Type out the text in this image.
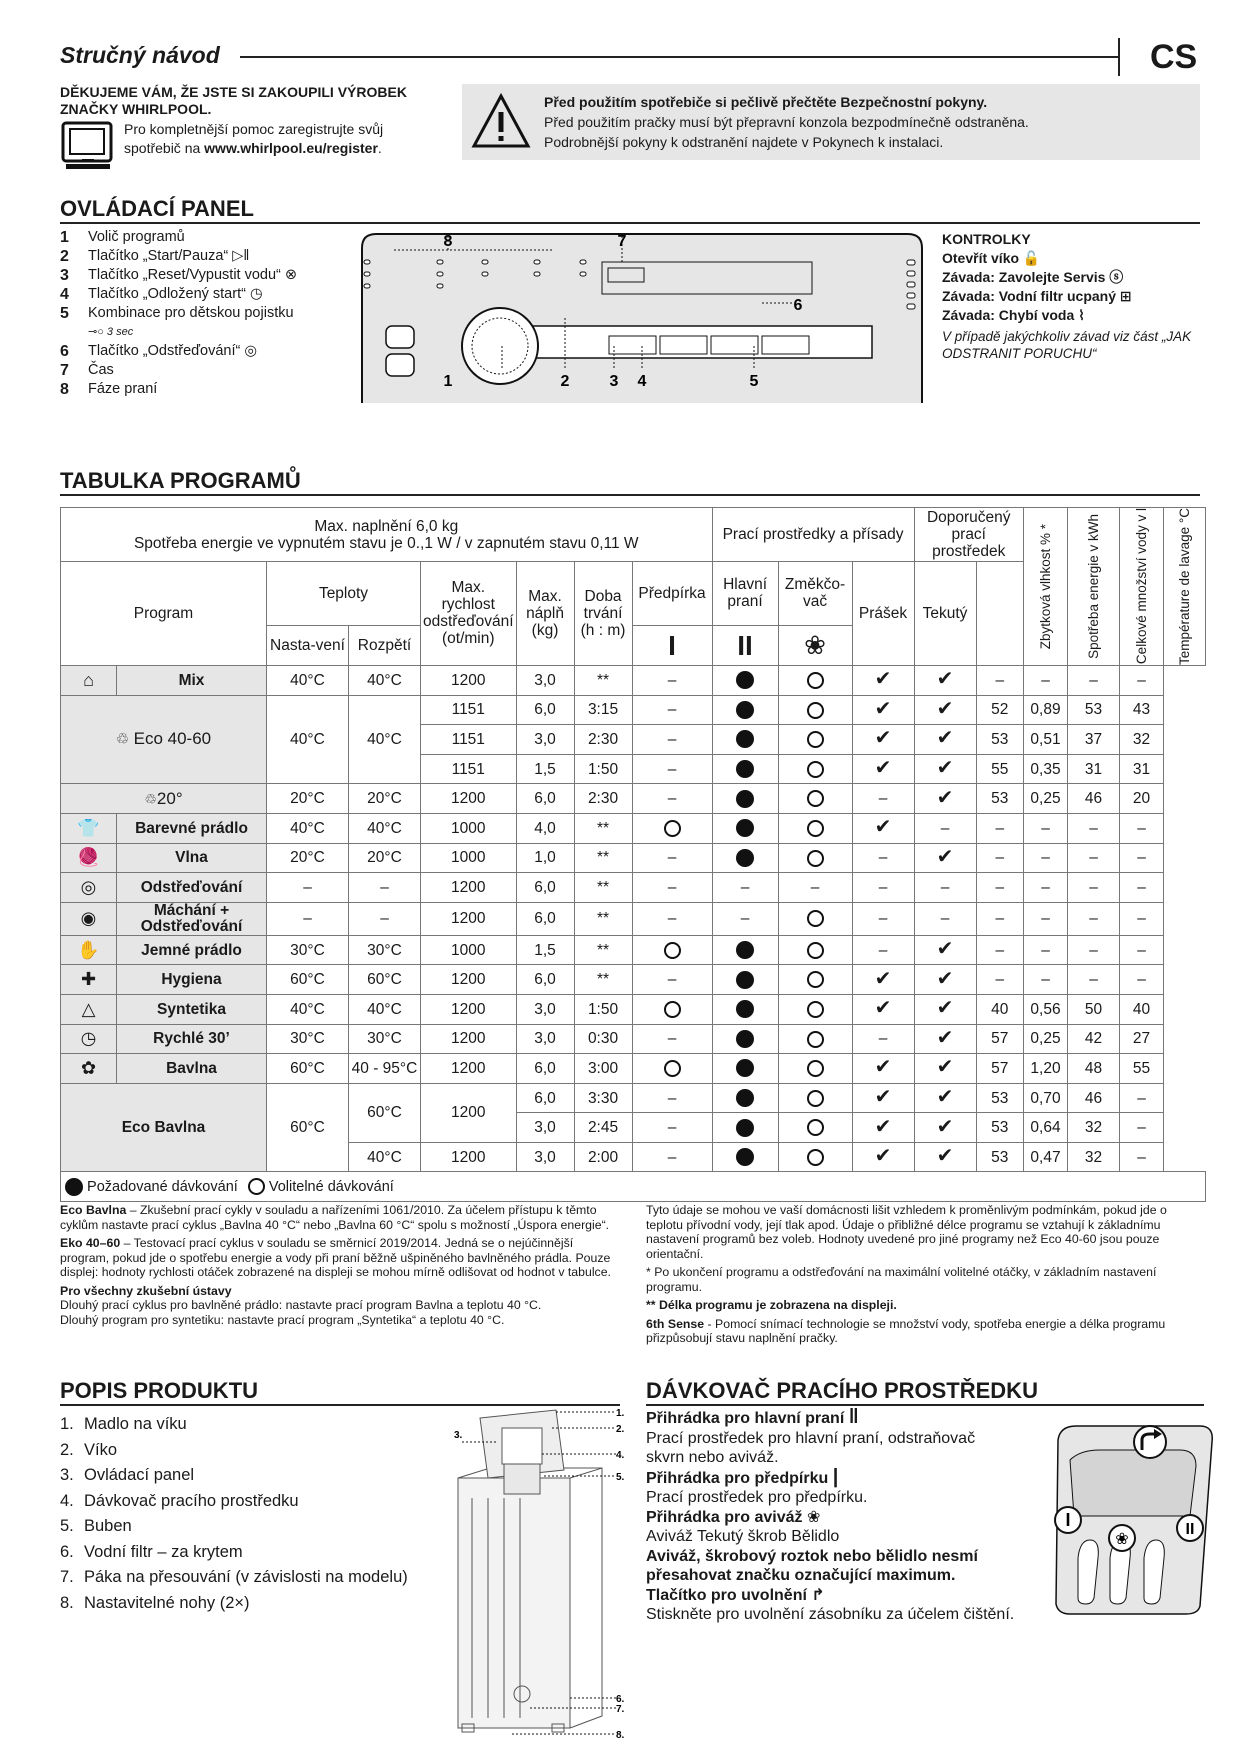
Stručný návod	CS
DĚKUJEME VÁM, ŽE JSTE SI ZAKOUPILI VÝROBEK ZNAČKY WHIRLPOOL.
Pro kompletnější pomoc zaregistrujte svůj spotřebič na www.whirlpool.eu/register.
Před použitím spotřebiče si pečlivě přečtěte Bezpečnostní pokyny.
Před použitím pračky musí být přepravní konzola bezpodmínečně odstraněna.
Podrobnější pokyny k odstranění najdete v Pokynech k instalaci.
OVLÁDACÍ PANEL
1	Volič programů
2	Tlačítko „Start/Pauza“ ▷ǁ
3	Tlačítko „Reset/Vypustit vodu“ ⊗
4	Tlačítko „Odložený start“ ◷
5	Kombinace pro dětskou pojistku
⊸○ 3 sec
6	Tlačítko „Odstřeďování“ ◎
7	Čas
8	Fáze praní
8	7
6
1	2	3 4	5
KONTROLKY
Otevřít víko 🔓
Závada: Zavolejte Servis ⓢ
Závada: Vodní filtr ucpaný ⊞
Závada: Chybí voda ⌇
V případě jakýchkoliv závad viz část „JAK ODSTRANIT PORUCHU“
TABULKA PROGRAMŮ
Max. naplnění 6,0 kg
Spotřeba energie ve vypnutém stavu je 0.,1 W / v zapnutém stavu 0,11 W								Prací prostředky a přísady			Doporučený prací prostředek		Zbytková vlhkost % *	Spotřeba energie v kWh	Celkové množství vody v l	Température de lavage °C

Program		Teploty		Max. rychlost odstřeďování (ot/min)	Max. náplň (kg)	Doba trvání (h : m)	Předpírka	Hlavní praní	Změkčo-vač	Prášek	Tekutý					
		Nasta-vení	Rozpětí				I	II	❀							
⌂	Mix	40°C	40°C	1200	3,0	**	–			✔	✔	–	–	–	–	
♲ Eco 40-60		40°C	40°C	1151	6,0	3:15	–			✔	✔	52	0,89	53	43	
				1151	3,0	2:30	–			✔	✔	53	0,51	37	32	
				1151	1,5	1:50	–			✔	✔	55	0,35	31	31	
♲20°		20°C	20°C	1200	6,0	2:30	–			–	✔	53	0,25	46	20	
👕	Barevné prádlo	40°C	40°C	1000	4,0	**				✔	–	–	–	–	–	
🧶	Vlna	20°C	20°C	1000	1,0	**	–			–	✔	–	–	–	–	
◎	Odstřeďování	–	–	1200	6,0	**	–	–	–	–	–	–	–	–	–	
◉	Máchání + Odstřeďování	–	–	1200	6,0	**	–	–		–	–	–	–	–	–	
✋	Jemné prádlo	30°C	30°C	1000	1,5	**				–	✔	–	–	–	–	
✚	Hygiena	60°C	60°C	1200	6,0	**	–			✔	✔	–	–	–	–	
△	Syntetika	40°C	40°C	1200	3,0	1:50				✔	✔	40	0,56	50	40	
◷	Rychlé 30’	30°C	30°C	1200	3,0	0:30	–			–	✔	57	0,25	42	27	
✿	Bavlna	60°C	40 - 95°C	1200	6,0	3:00				✔	✔	57	1,20	48	55	
Eco Bavlna		60°C	60°C	1200	6,0	3:30	–			✔	✔	53	0,70	46	–	
					3,0	2:45	–			✔	✔	53	0,64	32	–	
			40°C	1200	3,0	2:00	–			✔	✔	53	0,47	32	–	
Požadované dávkování Volitelné dávkování																
Eco Bavlna – Zkušební prací cykly v souladu a nařízeními 1061/2010. Za účelem přístupu k těmto cyklům nastavte prací cyklus „Bavlna 40 °C“ nebo „Bavlna 60 °C“ spolu s možností „Úspora energie“.
Eko 40–60 – Testovací prací cyklus v souladu se směrnicí 2019/2014. Jedná se o nejúčinnější program, pokud jde o spotřebu energie a vody při praní běžně ušpiněného bavlněného prádla. Pouze displej: hodnoty rychlosti otáček zobrazené na displeji se mohou mírně odlišovat od hodnot v tabulce.
Pro všechny zkušební ústavy
Dlouhý prací cyklus pro bavlněné prádlo: nastavte prací program Bavlna a teplotu 40 °C.
Dlouhý program pro syntetiku: nastavte prací program „Syntetika“ a teplotu 40 °C.
Tyto údaje se mohou ve vaší domácnosti lišit vzhledem k proměnlivým podmínkám, pokud jde o teplotu přívodní vody, její tlak apod. Údaje o přibližné délce programu se vztahují k základnímu nastavení programů bez voleb. Hodnoty uvedené pro jiné programy než Eco 40-60 jsou pouze orientační.
* Po ukončení programu a odstřeďování na maximální volitelné otáčky, v základním nastavení programu.
** Délka programu je zobrazena na displeji.
6th Sense - Pomocí snímací technologie se množství vody, spotřeba energie a délka programu přizpůsobují stavu naplnění pračky.
POPIS PRODUKTU
1. Madlo na víku
2. Víko
3. Ovládací panel
4. Dávkovač pracího prostředku
5. Buben
6. Vodní filtr – za krytem
7. Páka na přesouvání (v závislosti na modelu)
8. Nastavitelné nohy (2×)
1.
2.
3.
4.
5.
6.
7.
8.
DÁVKOVAČ PRACÍHO PROSTŘEDKU
Přihrádka pro hlavní praní ǁ
Prací prostředek pro hlavní praní, odstraňovač skvrn nebo aviváž.
Přihrádka pro předpírku |
Prací prostředek pro předpírku.
Přihrádka pro aviváž ❀
Aviváž Tekutý škrob Bělidlo
Aviváž, škrobový roztok nebo bělidlo nesmí přesahovat značku označující maximum.
Tlačítko pro uvolnění ↱
Stiskněte pro uvolnění zásobníku za účelem čištění.
I
❀	II
